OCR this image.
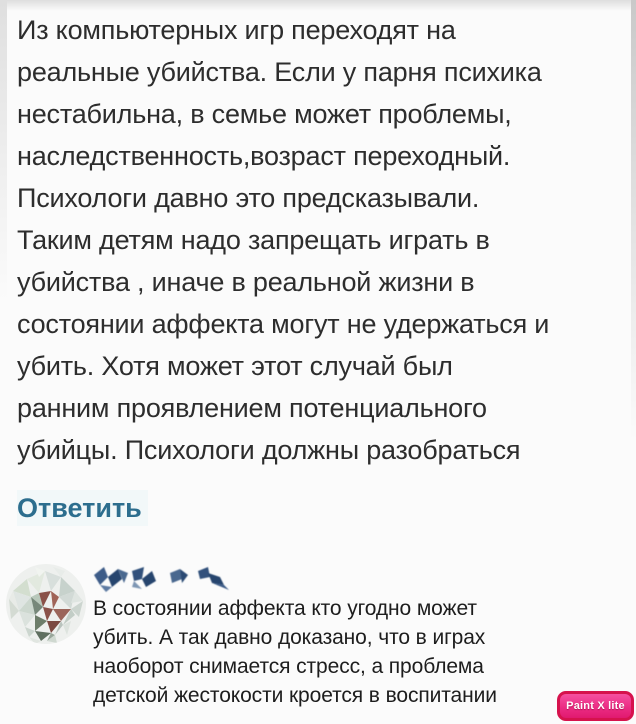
Из компьютерных игр переходят на
реальные убийства. Если у парня психика
нестабильна, в семье может проблемы,
наследственность,возраст переходный.
Психологи давно это предсказывали.
Таким детям надо запрещать играть в
убийства , иначе в реальной жизни в
состоянии аффекта могут не удержаться и
убить. Хотя может этот случай был
ранним проявлением потенциального
убийцы. Психологи должны разобраться
Ответить
В состоянии аффекта кто угодно может
убить. А так давно доказано, что в играх
наоборот снимается стресс, а проблема
детской жестокости кроется в воспитании	Paint X lite
